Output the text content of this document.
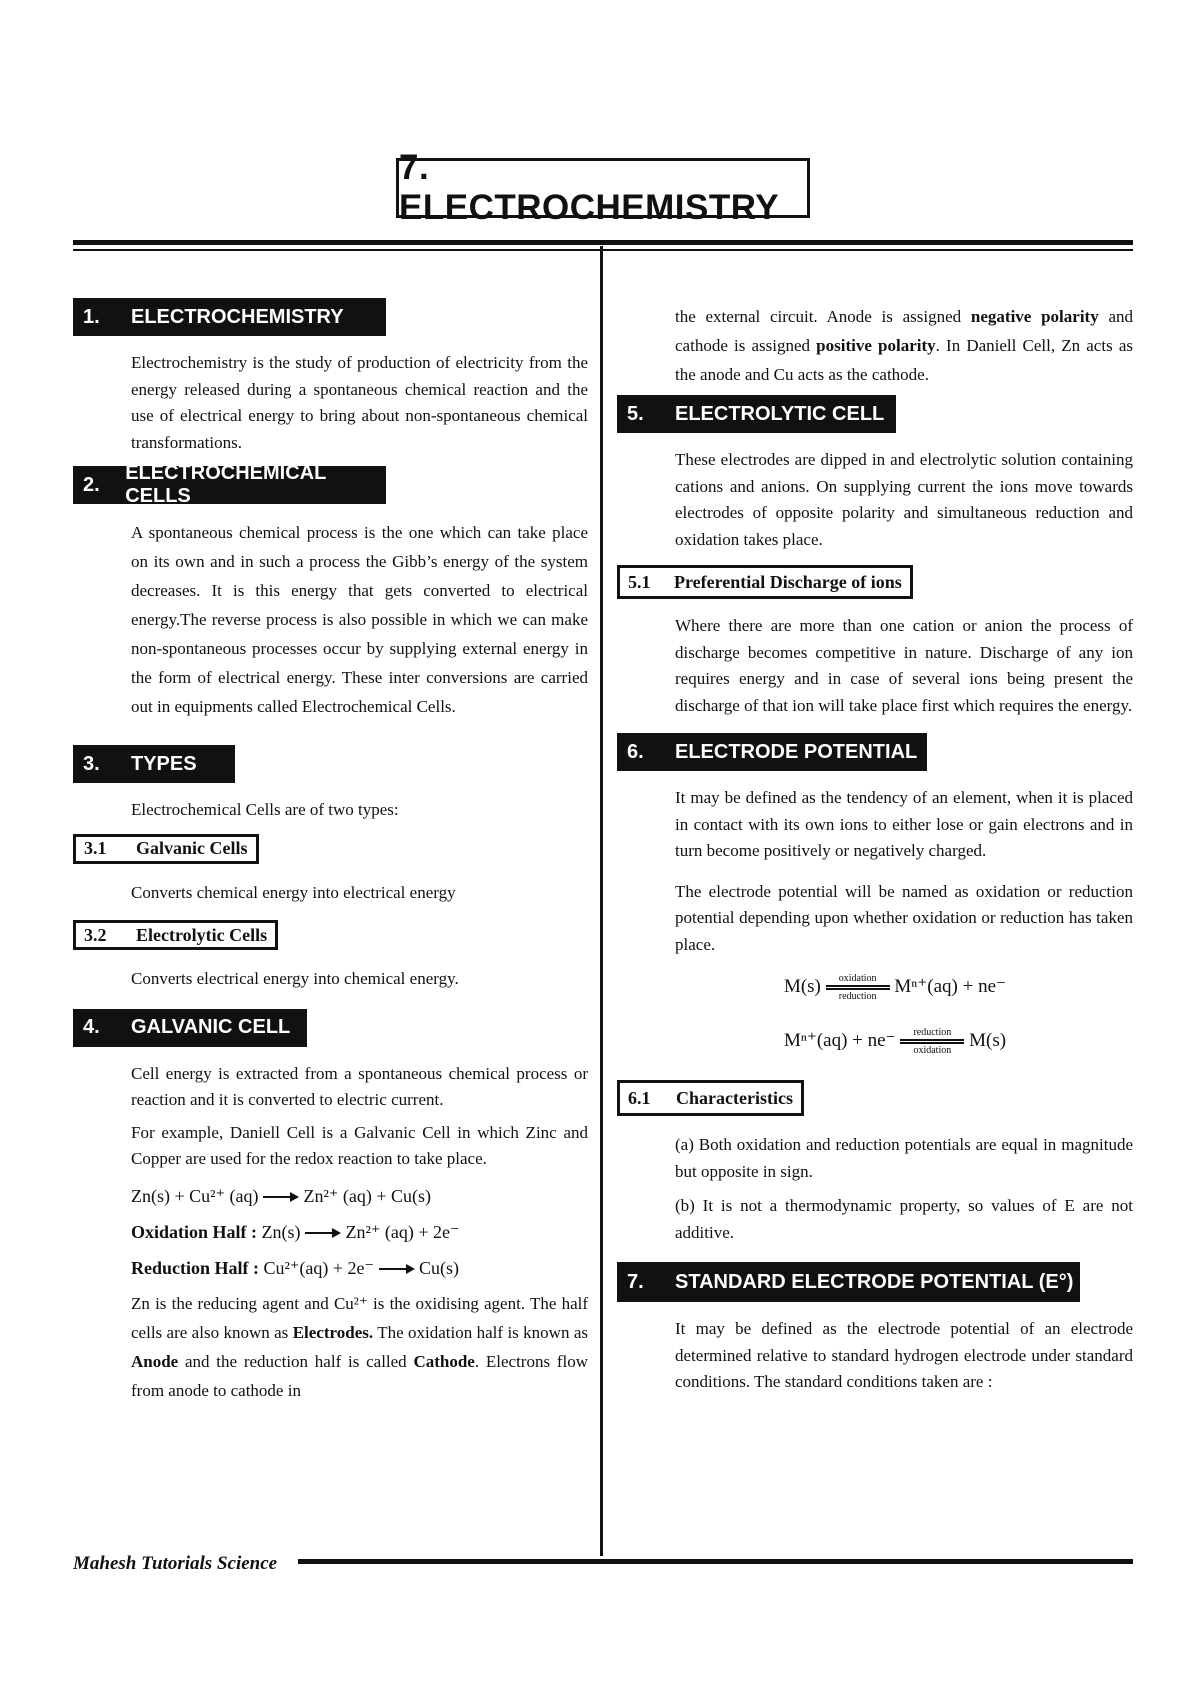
7. ELECTROCHEMISTRY
1.	ELECTROCHEMISTRY

Electrochemistry is the study of production of electricity from the energy released during a spontaneous chemical reaction and the use of electrical energy to bring about non-spontaneous chemical transformations.

2.
ELECTROCHEMICAL CELLS

A spontaneous chemical process is the one which can take place on its own and in such a process the Gibb’s energy of the system decreases. It is this energy that gets converted to electrical energy.The reverse process is also possible in which we can make non-spontaneous processes occur by supplying external energy in the form of electrical energy. These inter conversions are carried out in equipments called Electrochemical Cells.

3.	TYPES

Electrochemical Cells are of two types:

3.1	Galvanic Cells

Converts chemical energy into electrical energy

3.2	Electrolytic Cells

Converts electrical energy into chemical energy.

4.	GALVANIC CELL

Cell energy is extracted from a spontaneous chemical process or reaction and it is converted to electric current.

For example, Daniell Cell is a Galvanic Cell in which Zinc and Copper are used for the redox reaction to take place.

Zn(s) + Cu²⁺ (aq)	Zn²⁺ (aq) + Cu(s)
Oxidation Half : Zn(s)	Zn²⁺ (aq) + 2e⁻
Reduction Half : Cu²⁺(aq) + 2e⁻	Cu(s)

Zn is the reducing agent and Cu²⁺ is the oxidising agent. The half cells are also known as Electrodes. The oxidation half is known as Anode and the reduction half is called Cathode. Electrons flow from anode to cathode in

the external circuit. Anode is assigned negative polarity and cathode is assigned positive polarity. In Daniell Cell, Zn acts as the anode and Cu acts as the cathode.

5.	ELECTROLYTIC CELL

These electrodes are dipped in and electrolytic solution containing cations and anions. On supplying current the ions move towards electrodes of opposite polarity and simultaneous reduction and oxidation takes place.

5.1	Preferential Discharge of ions

Where there are more than one cation or anion the process of discharge becomes competitive in nature. Discharge of any ion requires energy and in case of several ions being present the discharge of that ion will take place first which requires the energy.

6.	ELECTRODE POTENTIAL

It may be defined as the tendency of an element, when it is placed in contact with its own ions to either lose or gain electrons and in turn become positively or negatively charged.

The electrode potential will be named as oxidation or reduction potential depending upon whether oxidation or reduction has taken place.

M(s) oxidation
reduction Mⁿ⁺(aq) + ne⁻
Mⁿ⁺(aq) + ne⁻ reduction
oxidation M(s)
6.1	Characteristics

(a) Both oxidation and reduction potentials are equal in magnitude but opposite in sign.

(b) It is not a thermodynamic property, so values of E are not additive.

7.	STANDARD ELECTRODE POTENTIAL (E°)

It may be defined as the electrode potential of an electrode determined relative to standard hydrogen electrode under standard conditions. The standard conditions taken are :

Mahesh Tutorials Science
